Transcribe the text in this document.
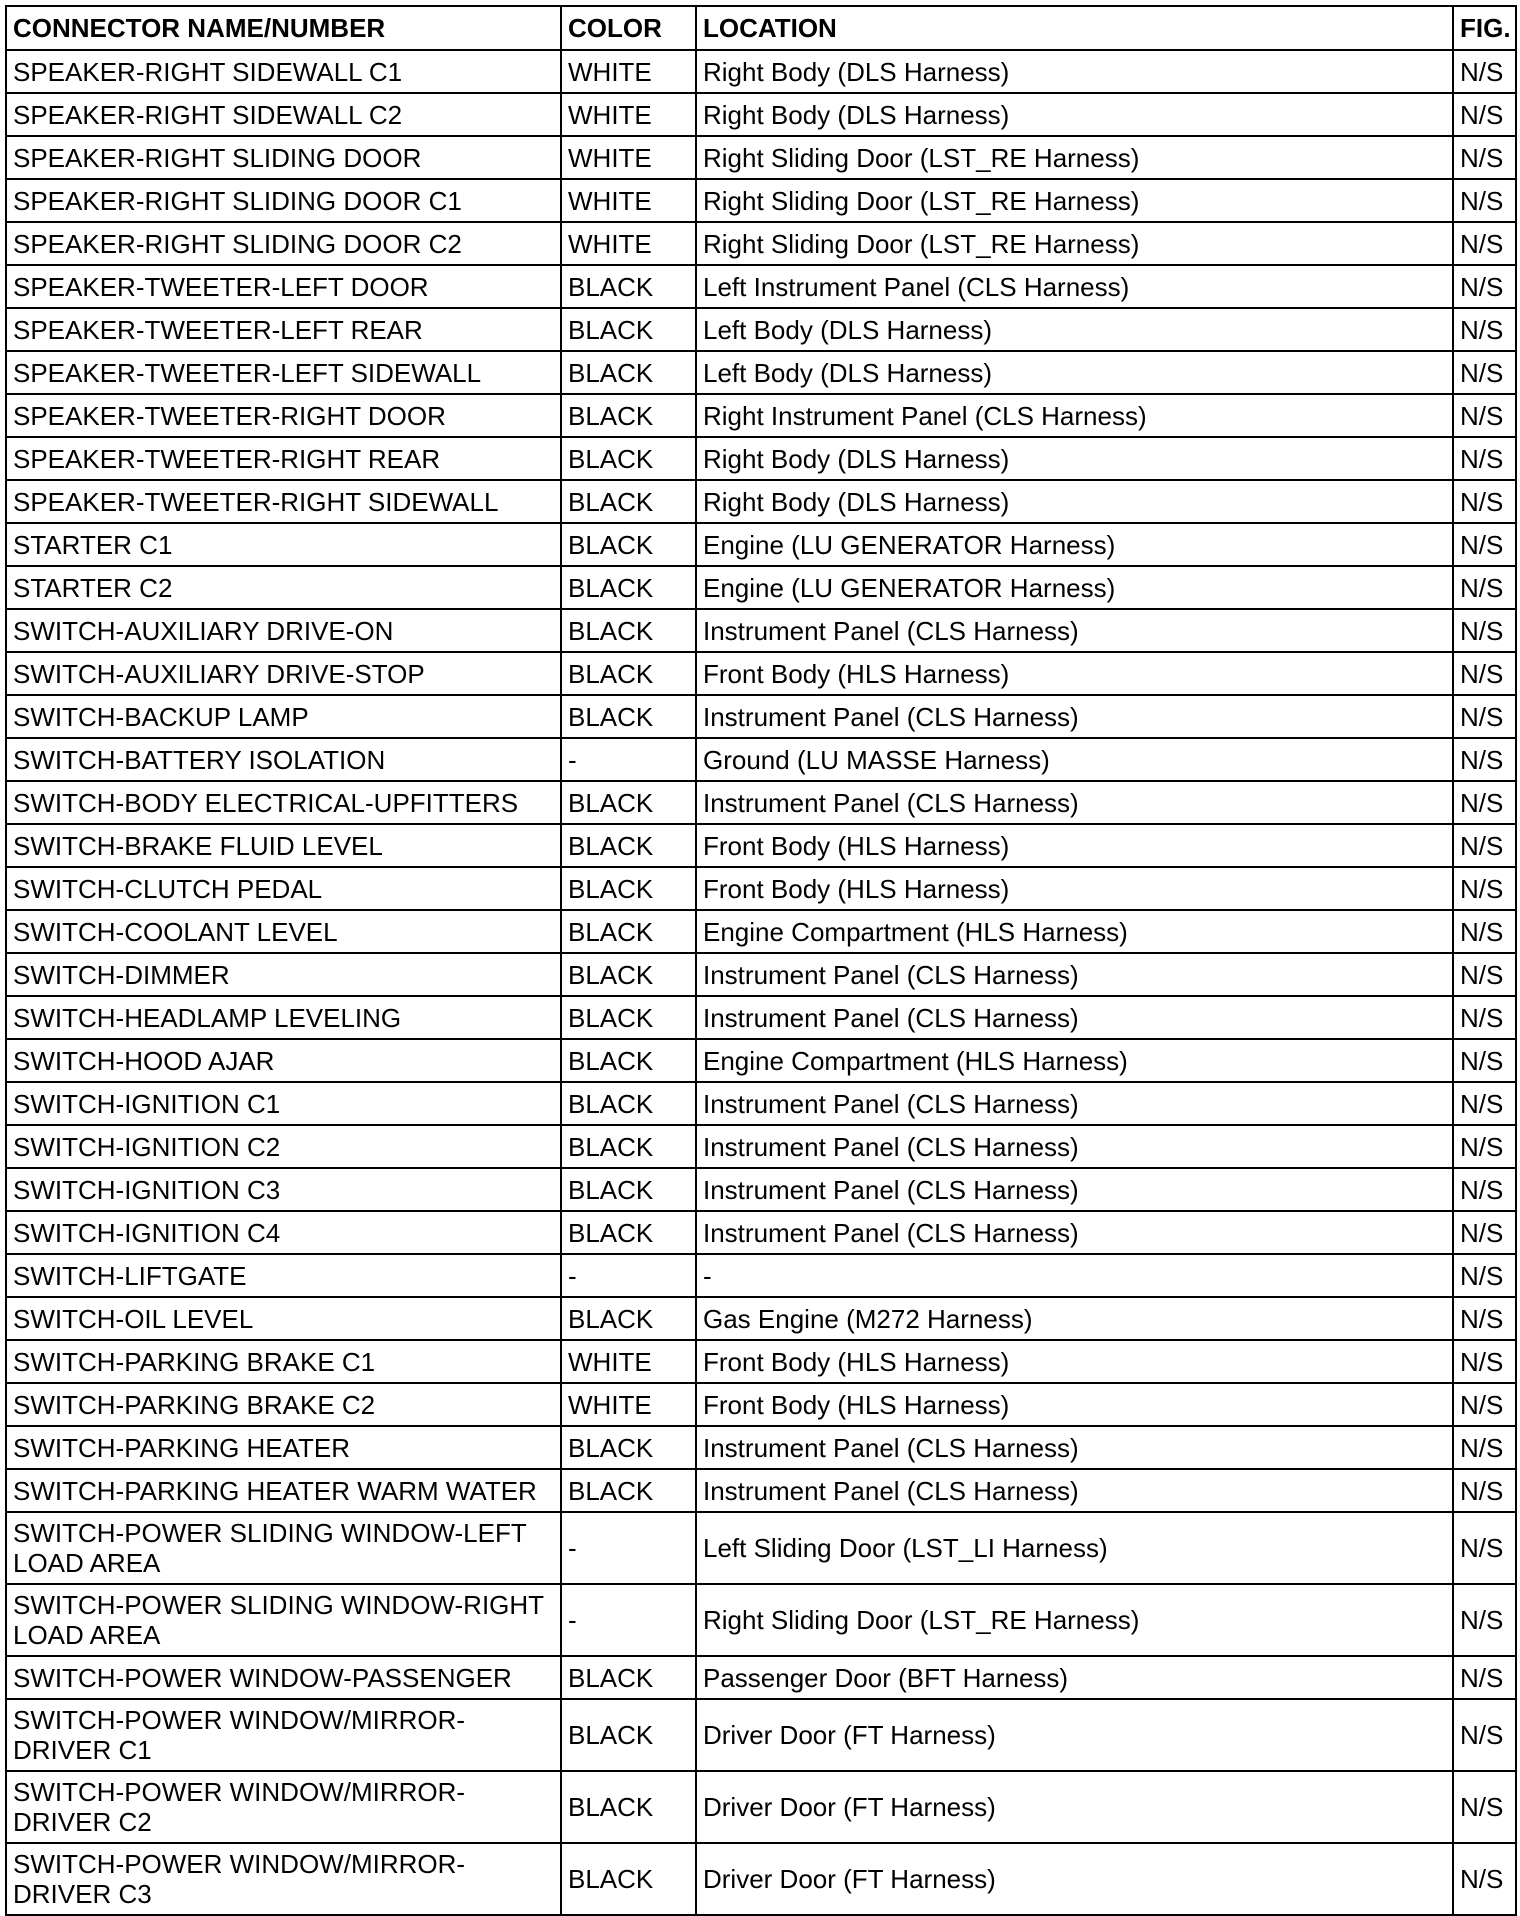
CONNECTOR NAME/NUMBER	COLOR	LOCATION	FIG.
SPEAKER-RIGHT SIDEWALL C1	WHITE	Right Body (DLS Harness)	N/S
SPEAKER-RIGHT SIDEWALL C2	WHITE	Right Body (DLS Harness)	N/S
SPEAKER-RIGHT SLIDING DOOR	WHITE	Right Sliding Door (LST_RE Harness)	N/S
SPEAKER-RIGHT SLIDING DOOR C1	WHITE	Right Sliding Door (LST_RE Harness)	N/S
SPEAKER-RIGHT SLIDING DOOR C2	WHITE	Right Sliding Door (LST_RE Harness)	N/S
SPEAKER-TWEETER-LEFT DOOR	BLACK	Left Instrument Panel (CLS Harness)	N/S
SPEAKER-TWEETER-LEFT REAR	BLACK	Left Body (DLS Harness)	N/S
SPEAKER-TWEETER-LEFT SIDEWALL	BLACK	Left Body (DLS Harness)	N/S
SPEAKER-TWEETER-RIGHT DOOR	BLACK	Right Instrument Panel (CLS Harness)	N/S
SPEAKER-TWEETER-RIGHT REAR	BLACK	Right Body (DLS Harness)	N/S
SPEAKER-TWEETER-RIGHT SIDEWALL	BLACK	Right Body (DLS Harness)	N/S
STARTER C1	BLACK	Engine (LU GENERATOR Harness)	N/S
STARTER C2	BLACK	Engine (LU GENERATOR Harness)	N/S
SWITCH-AUXILIARY DRIVE-ON	BLACK	Instrument Panel (CLS Harness)	N/S
SWITCH-AUXILIARY DRIVE-STOP	BLACK	Front Body (HLS Harness)	N/S
SWITCH-BACKUP LAMP	BLACK	Instrument Panel (CLS Harness)	N/S
SWITCH-BATTERY ISOLATION	-	Ground (LU MASSE Harness)	N/S
SWITCH-BODY ELECTRICAL-UPFITTERS	BLACK	Instrument Panel (CLS Harness)	N/S
SWITCH-BRAKE FLUID LEVEL	BLACK	Front Body (HLS Harness)	N/S
SWITCH-CLUTCH PEDAL	BLACK	Front Body (HLS Harness)	N/S
SWITCH-COOLANT LEVEL	BLACK	Engine Compartment (HLS Harness)	N/S
SWITCH-DIMMER	BLACK	Instrument Panel (CLS Harness)	N/S
SWITCH-HEADLAMP LEVELING	BLACK	Instrument Panel (CLS Harness)	N/S
SWITCH-HOOD AJAR	BLACK	Engine Compartment (HLS Harness)	N/S
SWITCH-IGNITION C1	BLACK	Instrument Panel (CLS Harness)	N/S
SWITCH-IGNITION C2	BLACK	Instrument Panel (CLS Harness)	N/S
SWITCH-IGNITION C3	BLACK	Instrument Panel (CLS Harness)	N/S
SWITCH-IGNITION C4	BLACK	Instrument Panel (CLS Harness)	N/S
SWITCH-LIFTGATE	-	-	N/S
SWITCH-OIL LEVEL	BLACK	Gas Engine (M272 Harness)	N/S
SWITCH-PARKING BRAKE C1	WHITE	Front Body (HLS Harness)	N/S
SWITCH-PARKING BRAKE C2	WHITE	Front Body (HLS Harness)	N/S
SWITCH-PARKING HEATER	BLACK	Instrument Panel (CLS Harness)	N/S
SWITCH-PARKING HEATER WARM WATER	BLACK	Instrument Panel (CLS Harness)	N/S
SWITCH-POWER SLIDING WINDOW-LEFT LOAD AREA	-	Left Sliding Door (LST_LI Harness)	N/S
SWITCH-POWER SLIDING WINDOW-RIGHT LOAD AREA	-	Right Sliding Door (LST_RE Harness)	N/S
SWITCH-POWER WINDOW-PASSENGER	BLACK	Passenger Door (BFT Harness)	N/S
SWITCH-POWER WINDOW/MIRROR-DRIVER C1	BLACK	Driver Door (FT Harness)	N/S
SWITCH-POWER WINDOW/MIRROR-DRIVER C2	BLACK	Driver Door (FT Harness)	N/S
SWITCH-POWER WINDOW/MIRROR-DRIVER C3	BLACK	Driver Door (FT Harness)	N/S
